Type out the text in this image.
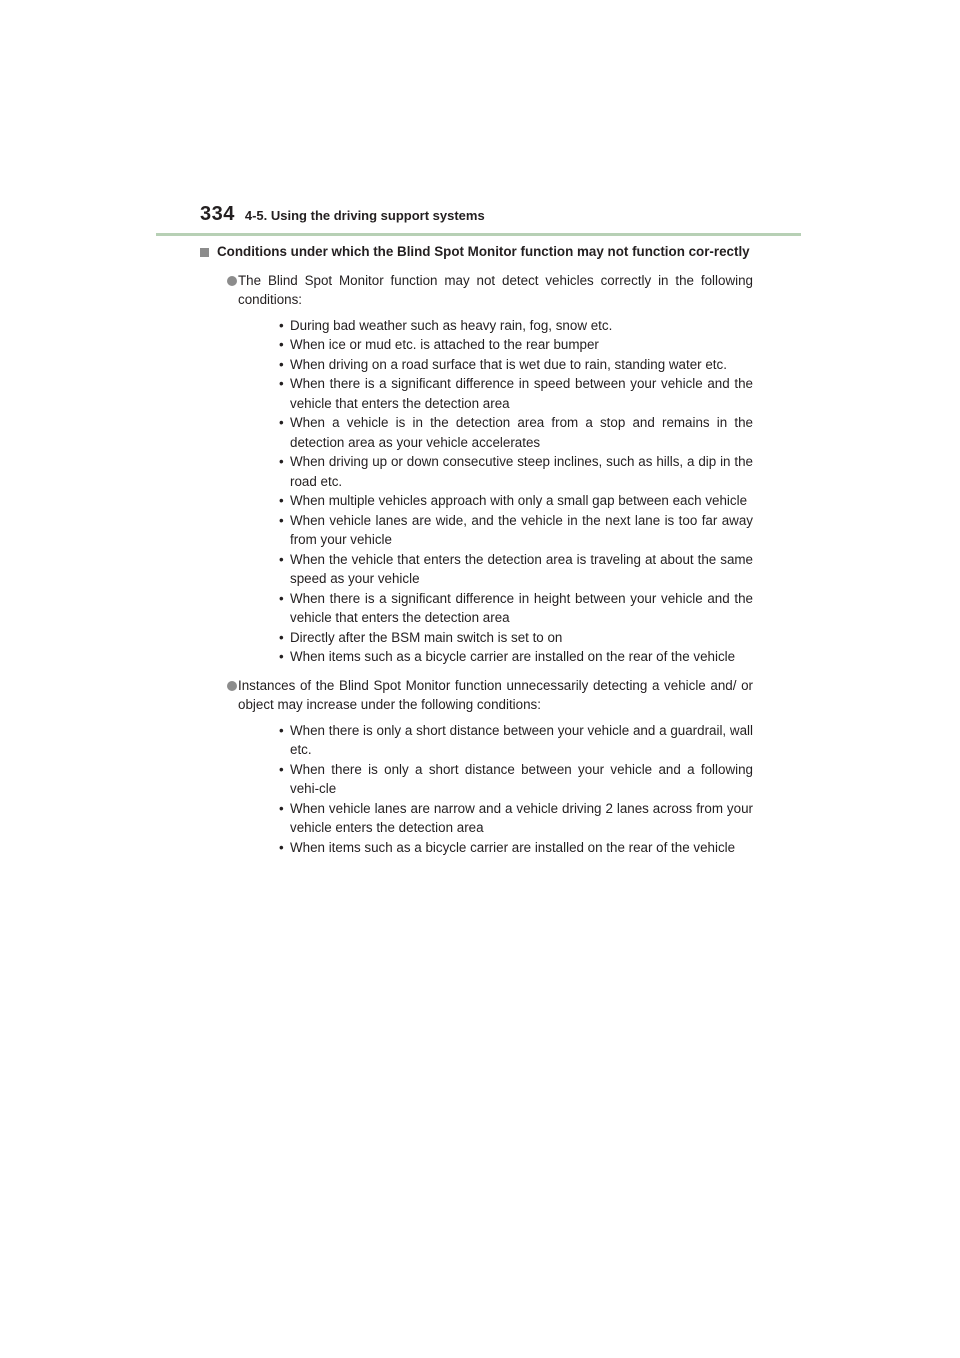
334 4-5. Using the driving support systems
Conditions under which the Blind Spot Monitor function may not function cor-rectly
The Blind Spot Monitor function may not detect vehicles correctly in the following conditions:
• During bad weather such as heavy rain, fog, snow etc.
• When ice or mud etc. is attached to the rear bumper
• When driving on a road surface that is wet due to rain, standing water etc.
• When there is a significant difference in speed between your vehicle and the vehicle that enters the detection area
• When a vehicle is in the detection area from a stop and remains in the detection area as your vehicle accelerates
• When driving up or down consecutive steep inclines, such as hills, a dip in the road etc.
• When multiple vehicles approach with only a small gap between each vehicle
• When vehicle lanes are wide, and the vehicle in the next lane is too far away from your vehicle
• When the vehicle that enters the detection area is traveling at about the same speed as your vehicle
• When there is a significant difference in height between your vehicle and the vehicle that enters the detection area
• Directly after the BSM main switch is set to on
• When items such as a bicycle carrier are installed on the rear of the vehicle
Instances of the Blind Spot Monitor function unnecessarily detecting a vehicle and/ or object may increase under the following conditions:
• When there is only a short distance between your vehicle and a guardrail, wall etc.
• When there is only a short distance between your vehicle and a following vehi-cle
• When vehicle lanes are narrow and a vehicle driving 2 lanes across from your vehicle enters the detection area
• When items such as a bicycle carrier are installed on the rear of the vehicle
